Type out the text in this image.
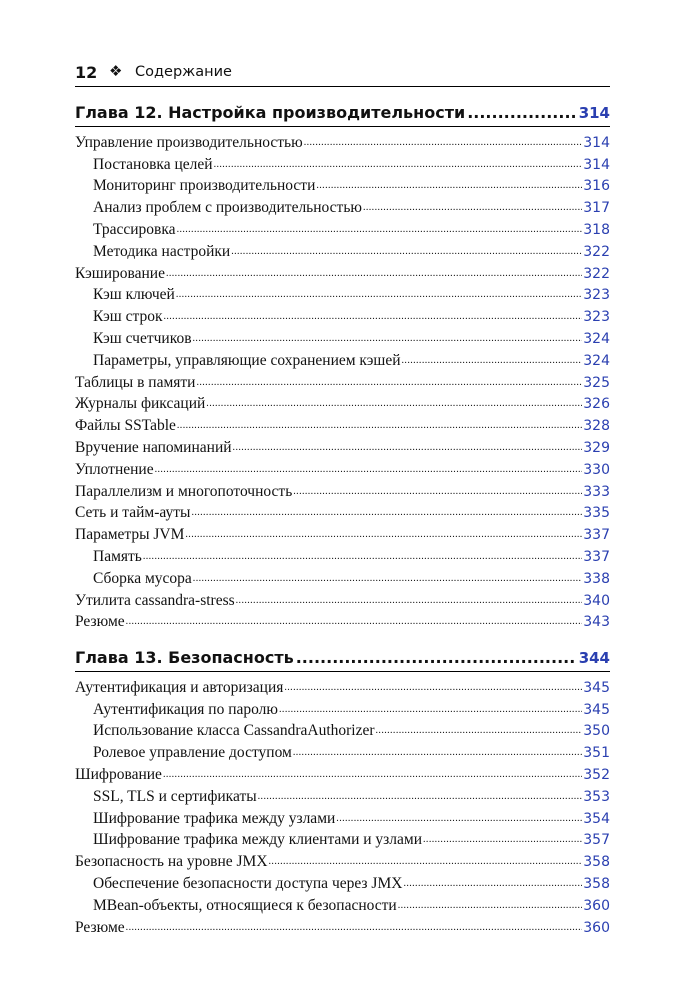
12 ❖ Содержание
Глава 12. Настройка производительности .....	314
Управление производительностью .....	314
Постановка целей .....	314
Мониторинг производительности .....	316
Анализ проблем с производительностью .....	317
Трассировка .....	318
Методика настройки .....	322
Кэширование .....	322
Кэш ключей .....	323
Кэш строк .....	323
Кэш счетчиков .....	324
Параметры, управляющие сохранением кэшей .....	324
Таблицы в памяти .....	325
Журналы фиксаций .....	326
Файлы SSTable .....	328
Вручение напоминаний .....	329
Уплотнение .....	330
Параллелизм и многопоточность .....	333
Сеть и тайм-ауты .....	335
Параметры JVM .....	337
Память .....	337
Сборка мусора .....	338
Утилита cassandra-stress .....	340
Резюме .....	343
Глава 13. Безопасность .....	344
Аутентификация и авторизация .....	345
Аутентификация по паролю .....	345
Использование класса CassandraAuthorizer .....	350
Ролевое управление доступом .....	351
Шифрование .....	352
SSL, TLS и сертификаты .....	353
Шифрование трафика между узлами .....	354
Шифрование трафика между клиентами и узлами .....	357
Безопасность на уровне JMX .....	358
Обеспечение безопасности доступа через JMX .....	358
MBean-объекты, относящиеся к безопасности .....	360
Резюме .....	360
